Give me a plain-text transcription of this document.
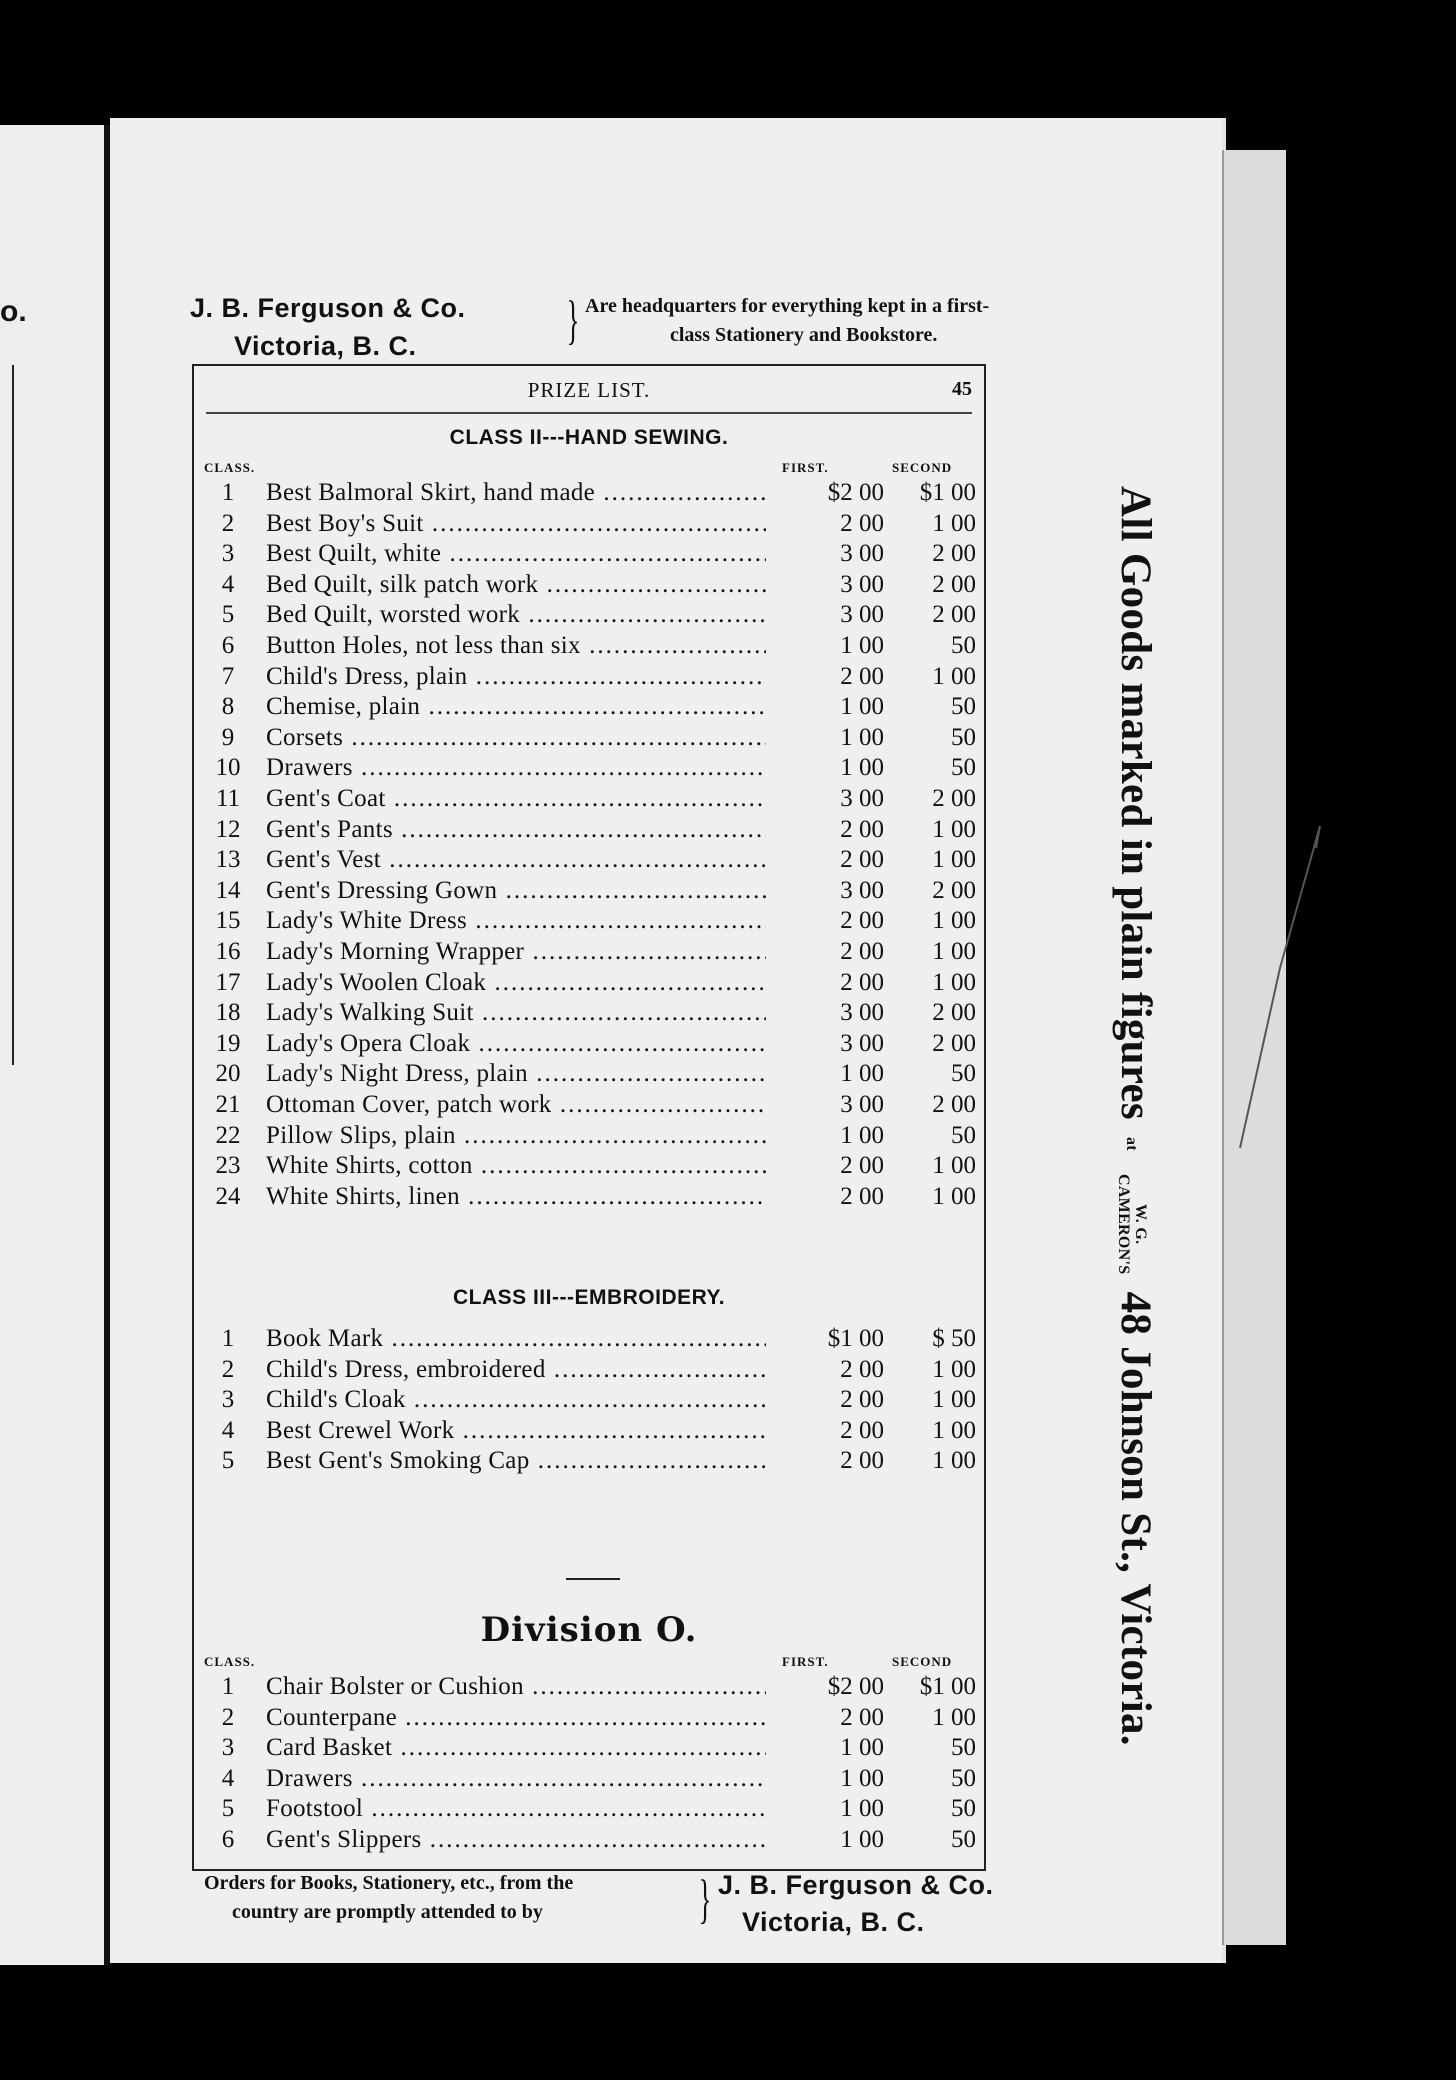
o.	J. B. Ferguson & Co.
Victoria, B. C.	} Are headquarters for everything kept in a first-
class Stationery and Bookstore.
PRIZE LIST.	45
CLASS II---HAND SEWING.
CLASS.	FIRST.	SECOND
1	Best Balmoral Skirt, hand made .....	$2 00	$1 00
2	Best Boy's Suit .....	2 00	1 00
3	Best Quilt, white .....	3 00	2 00
4	Bed Quilt, silk patch work .....	3 00	2 00
5	Bed Quilt, worsted work .....	3 00	2 00
6	Button Holes, not less than six .....	1 00	50
7	Child's Dress, plain .....	2 00	1 00
8	Chemise, plain .....	1 00	50
9	Corsets .....	1 00	50
10	Drawers .....	1 00	50
11	Gent's Coat .....	3 00	2 00
12	Gent's Pants .....	2 00	1 00
13	Gent's Vest .....	2 00	1 00
14	Gent's Dressing Gown .....	3 00	2 00
15	Lady's White Dress .....	2 00	1 00
16	Lady's Morning Wrapper .....	2 00	1 00
17	Lady's Woolen Cloak .....	2 00	1 00
18	Lady's Walking Suit .....	3 00	2 00
19	Lady's Opera Cloak .....	3 00	2 00
20	Lady's Night Dress, plain .....	1 00	50
21	Ottoman Cover, patch work .....	3 00	2 00
22	Pillow Slips, plain .....	1 00	50
23	White Shirts, cotton .....	2 00	1 00
24	White Shirts, linen .....	2 00	1 00
CLASS III---EMBROIDERY.
1	Book Mark .....	$1 00	$ 50
2	Child's Dress, embroidered .....	2 00	1 00
3	Child's Cloak .....	2 00	1 00
4	Best Crewel Work .....	2 00	1 00
5	Best Gent's Smoking Cap .....	2 00	1 00
Division O.
CLASS.	FIRST.	SECOND
1	Chair Bolster or Cushion .....	$2 00	$1 00
2	Counterpane .....	2 00	1 00
3	Card Basket .....	1 00	50
4	Drawers .....	1 00	50
5	Footstool .....	1 00	50
6	Gent's Slippers .....	1 00	50
Orders for Books, Stationery, etc., from the
country are promptly attended to by	} J. B. Ferguson & Co.
Victoria, B. C.
All Goods marked in plain figures at W. G.
CAMERON'S 48 Johnson St., Victoria.
